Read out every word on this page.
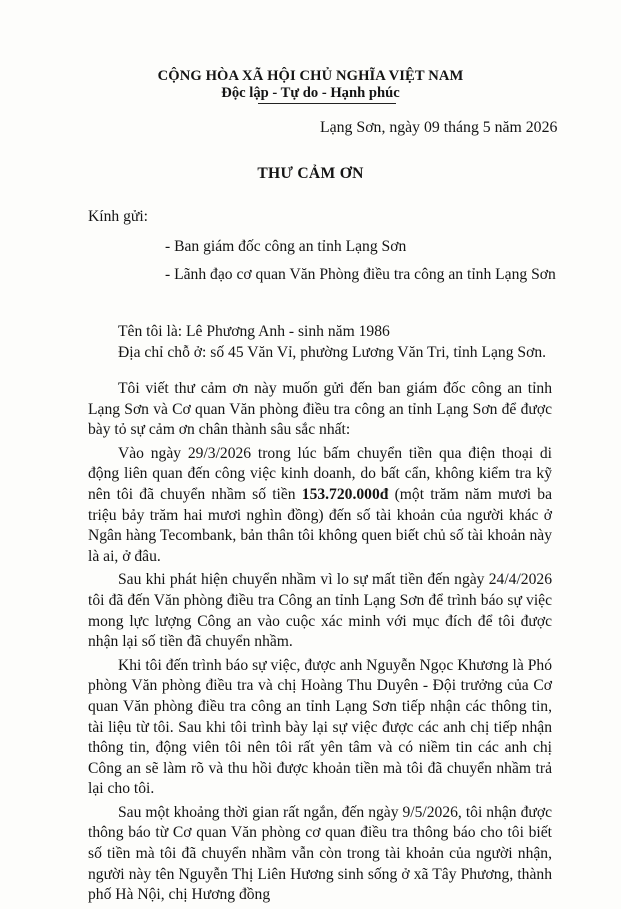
CỘNG HÒA XÃ HỘI CHỦ NGHĨA VIỆT NAM

Độc lập - Tự do - Hạnh phúc

Lạng Sơn, ngày 09 tháng 5 năm 2026

THƯ CẢM ƠN

Kính gửi:

- Ban giám đốc công an tỉnh Lạng Sơn

- Lãnh đạo cơ quan Văn Phòng điều tra công an tỉnh Lạng Sơn

Tên tôi là: Lê Phương Anh - sinh năm 1986

Địa chỉ chỗ ở: số 45 Văn Vỉ, phường Lương Văn Tri, tỉnh Lạng Sơn.

Tôi viết thư cảm ơn này muốn gửi đến ban giám đốc công an tỉnh Lạng Sơn và Cơ quan Văn phòng điều tra công an tỉnh Lạng Sơn để được bày tỏ sự cảm ơn chân thành sâu sắc nhất:

Vào ngày 29/3/2026 trong lúc bấm chuyển tiền qua điện thoại di động liên quan đến công việc kinh doanh, do bất cẩn, không kiểm tra kỹ nên tôi đã chuyển nhầm số tiền 153.720.000đ (một trăm năm mươi ba triệu bảy trăm hai mươi nghìn đồng) đến số tài khoản của người khác ở Ngân hàng Tecombank, bản thân tôi không quen biết chủ số tài khoản này là ai, ở đâu.

Sau khi phát hiện chuyển nhầm vì lo sự mất tiền đến ngày 24/4/2026 tôi đã đến Văn phòng điều tra Công an tỉnh Lạng Sơn để trình báo sự việc mong lực lượng Công an vào cuộc xác minh với mục đích để tôi được nhận lại số tiền đã chuyển nhầm.

Khi tôi đến trình báo sự việc, được anh Nguyễn Ngọc Khương là Phó phòng Văn phòng điều tra và chị Hoàng Thu Duyên - Đội trưởng của Cơ quan Văn phòng điều tra công an tỉnh Lạng Sơn tiếp nhận các thông tin, tài liệu từ tôi. Sau khi tôi trình bày lại sự việc được các anh chị tiếp nhận thông tin, động viên tôi nên tôi rất yên tâm và có niềm tin các anh chị Công an sẽ làm rõ và thu hồi được khoản tiền mà tôi đã chuyển nhầm trả lại cho tôi.

Sau một khoảng thời gian rất ngắn, đến ngày 9/5/2026, tôi nhận được thông báo từ Cơ quan Văn phòng cơ quan điều tra thông báo cho tôi biết số tiền mà tôi đã chuyển nhầm vẫn còn trong tài khoản của người nhận, người này tên Nguyễn Thị Liên Hương sinh sống ở xã Tây Phương, thành phố Hà Nội, chị Hương đồng
